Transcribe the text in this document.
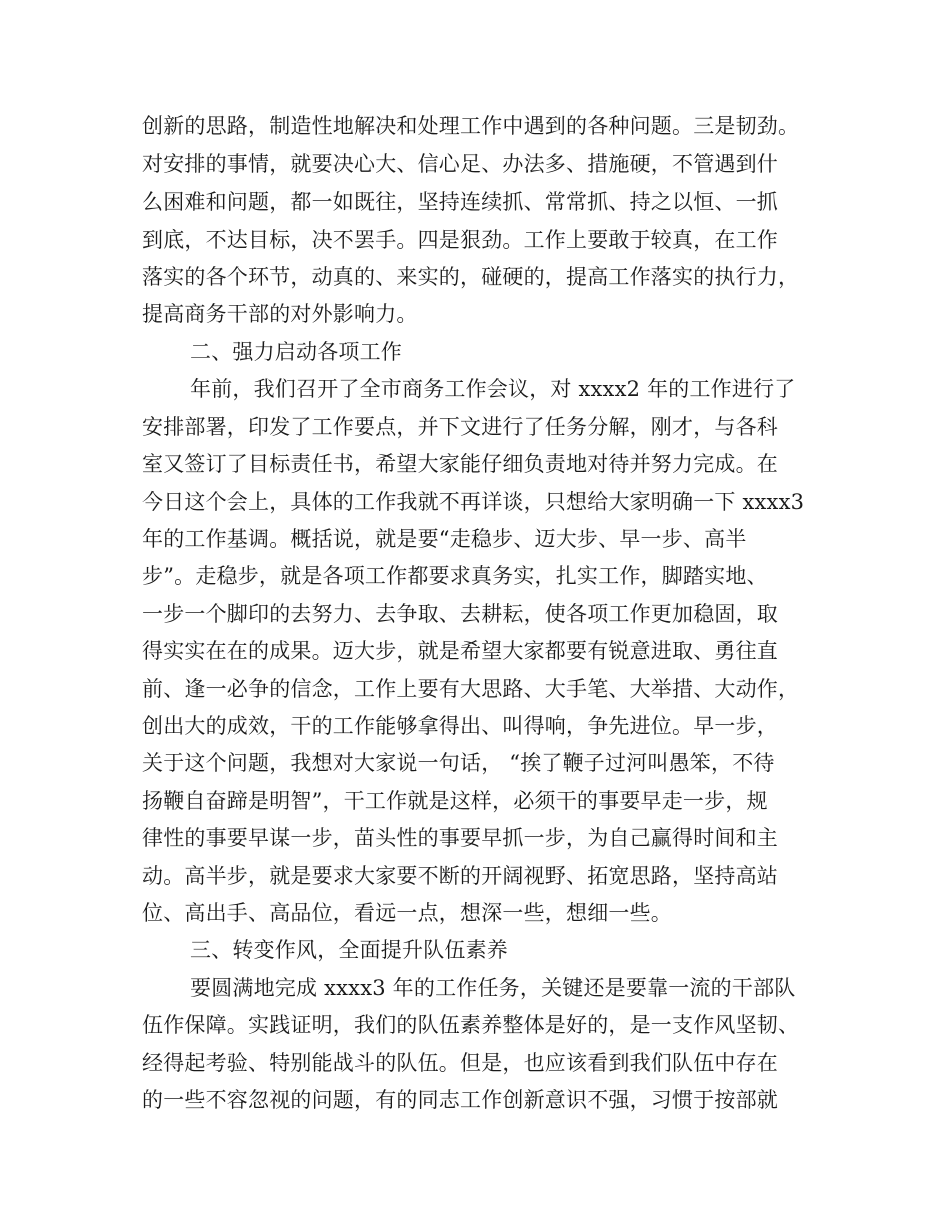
创新的思路，制造性地解决和处理工作中遇到的各种问题。三是韧劲。
对安排的事情，就要决心大、信心足、办法多、措施硬，不管遇到什
么困难和问题，都一如既往，坚持连续抓、常常抓、持之以恒、一抓
到底，不达目标，决不罢手。四是狠劲。工作上要敢于较真，在工作
落实的各个环节，动真的、来实的，碰硬的，提高工作落实的执行力，
提高商务干部的对外影响力。
二、强力启动各项工作
年前，我们召开了全市商务工作会议，对 xxxx2 年的工作进行了
安排部署，印发了工作要点，并下文进行了任务分解，刚才，与各科
室又签订了目标责任书，希望大家能仔细负责地对待并努力完成。在
今日这个会上，具体的工作我就不再详谈，只想给大家明确一下 xxxx3
年的工作基调。概括说，就是要“走稳步、迈大步、早一步、高半
步”。走稳步，就是各项工作都要求真务实，扎实工作，脚踏实地、
一步一个脚印的去努力、去争取、去耕耘，使各项工作更加稳固，取
得实实在在的成果。迈大步，就是希望大家都要有锐意进取、勇往直
前、逢一必争的信念，工作上要有大思路、大手笔、大举措、大动作，
创出大的成效，干的工作能够拿得出、叫得响，争先进位。早一步，
关于这个问题，我想对大家说一句话， “挨了鞭子过河叫愚笨，不待
扬鞭自奋蹄是明智”，干工作就是这样，必须干的事要早走一步，规
律性的事要早谋一步，苗头性的事要早抓一步，为自己赢得时间和主
动。高半步，就是要求大家要不断的开阔视野、拓宽思路，坚持高站
位、高出手、高品位，看远一点，想深一些，想细一些。
三、转变作风，全面提升队伍素养
要圆满地完成 xxxx3 年的工作任务，关键还是要靠一流的干部队
伍作保障。实践证明，我们的队伍素养整体是好的，是一支作风坚韧、
经得起考验、特别能战斗的队伍。但是，也应该看到我们队伍中存在
的一些不容忽视的问题，有的同志工作创新意识不强，习惯于按部就
